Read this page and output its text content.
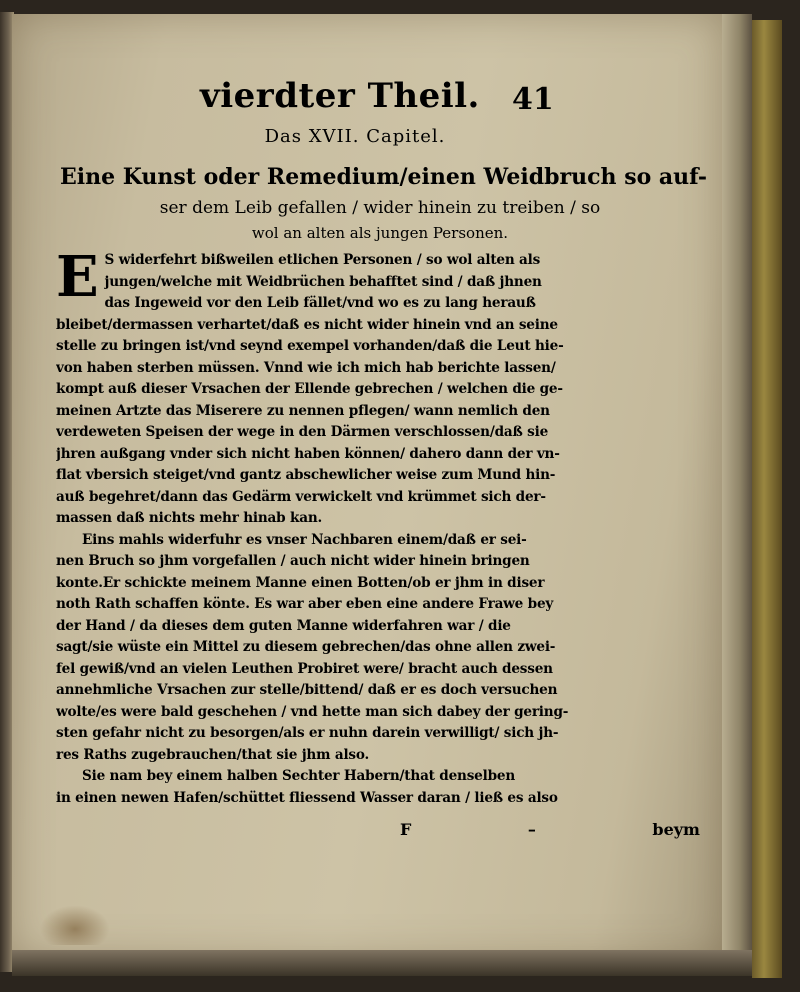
vierdter Theil. 41
Das XVII. Capitel.
Eine Kunst oder Remedium/einen Weidbruch so auf-
ser dem Leib gefallen / wider hinein zu treiben / so
wol an alten als jungen Personen.
E S widerfehrt bißweilen etlichen Personen / so wol alten als
jungen/welche mit Weidbrüchen behafftet sind / daß jhnen
das Ingeweid vor den Leib fället/vnd wo es zu lang herauß
bleibet/dermassen verhartet/daß es nicht wider hinein vnd an seine
stelle zu bringen ist/vnd seynd exempel vorhanden/daß die Leut hie-
von haben sterben müssen. Vnnd wie ich mich hab berichte lassen/
kompt auß dieser Vrsachen der Ellende gebrechen / welchen die ge-
meinen Artzte das Miserere zu nennen pflegen/ wann nemlich den
verdeweten Speisen der wege in den Därmen verschlossen/daß sie
jhren außgang vnder sich nicht haben können/ dahero dann der vn-
flat vbersich steiget/vnd gantz abschewlicher weise zum Mund hin-
auß begehret/dann das Gedärm verwickelt vnd krümmet sich der-
massen daß nichts mehr hinab kan.
Eins mahls widerfuhr es vnser Nachbaren einem/daß er sei-
nen Bruch so jhm vorgefallen / auch nicht wider hinein bringen
konte.Er schickte meinem Manne einen Botten/ob er jhm in diser
noth Rath schaffen könte. Es war aber eben eine andere Frawe bey
der Hand / da dieses dem guten Manne widerfahren war / die
sagt/sie wüste ein Mittel zu diesem gebrechen/das ohne allen zwei-
fel gewiß/vnd an vielen Leuthen Probiret were/ bracht auch dessen
annehmliche Vrsachen zur stelle/bittend/ daß er es doch versuchen
wolte/es were bald geschehen / vnd hette man sich dabey der gering-
sten gefahr nicht zu besorgen/als er nuhn darein verwilligt/ sich jh-
res Raths zugebrauchen/that sie jhm also.
Sie nam bey einem halben Sechter Habern/that denselben
in einen newen Hafen/schüttet fliessend Wasser daran / ließ es also
F	–	beym
